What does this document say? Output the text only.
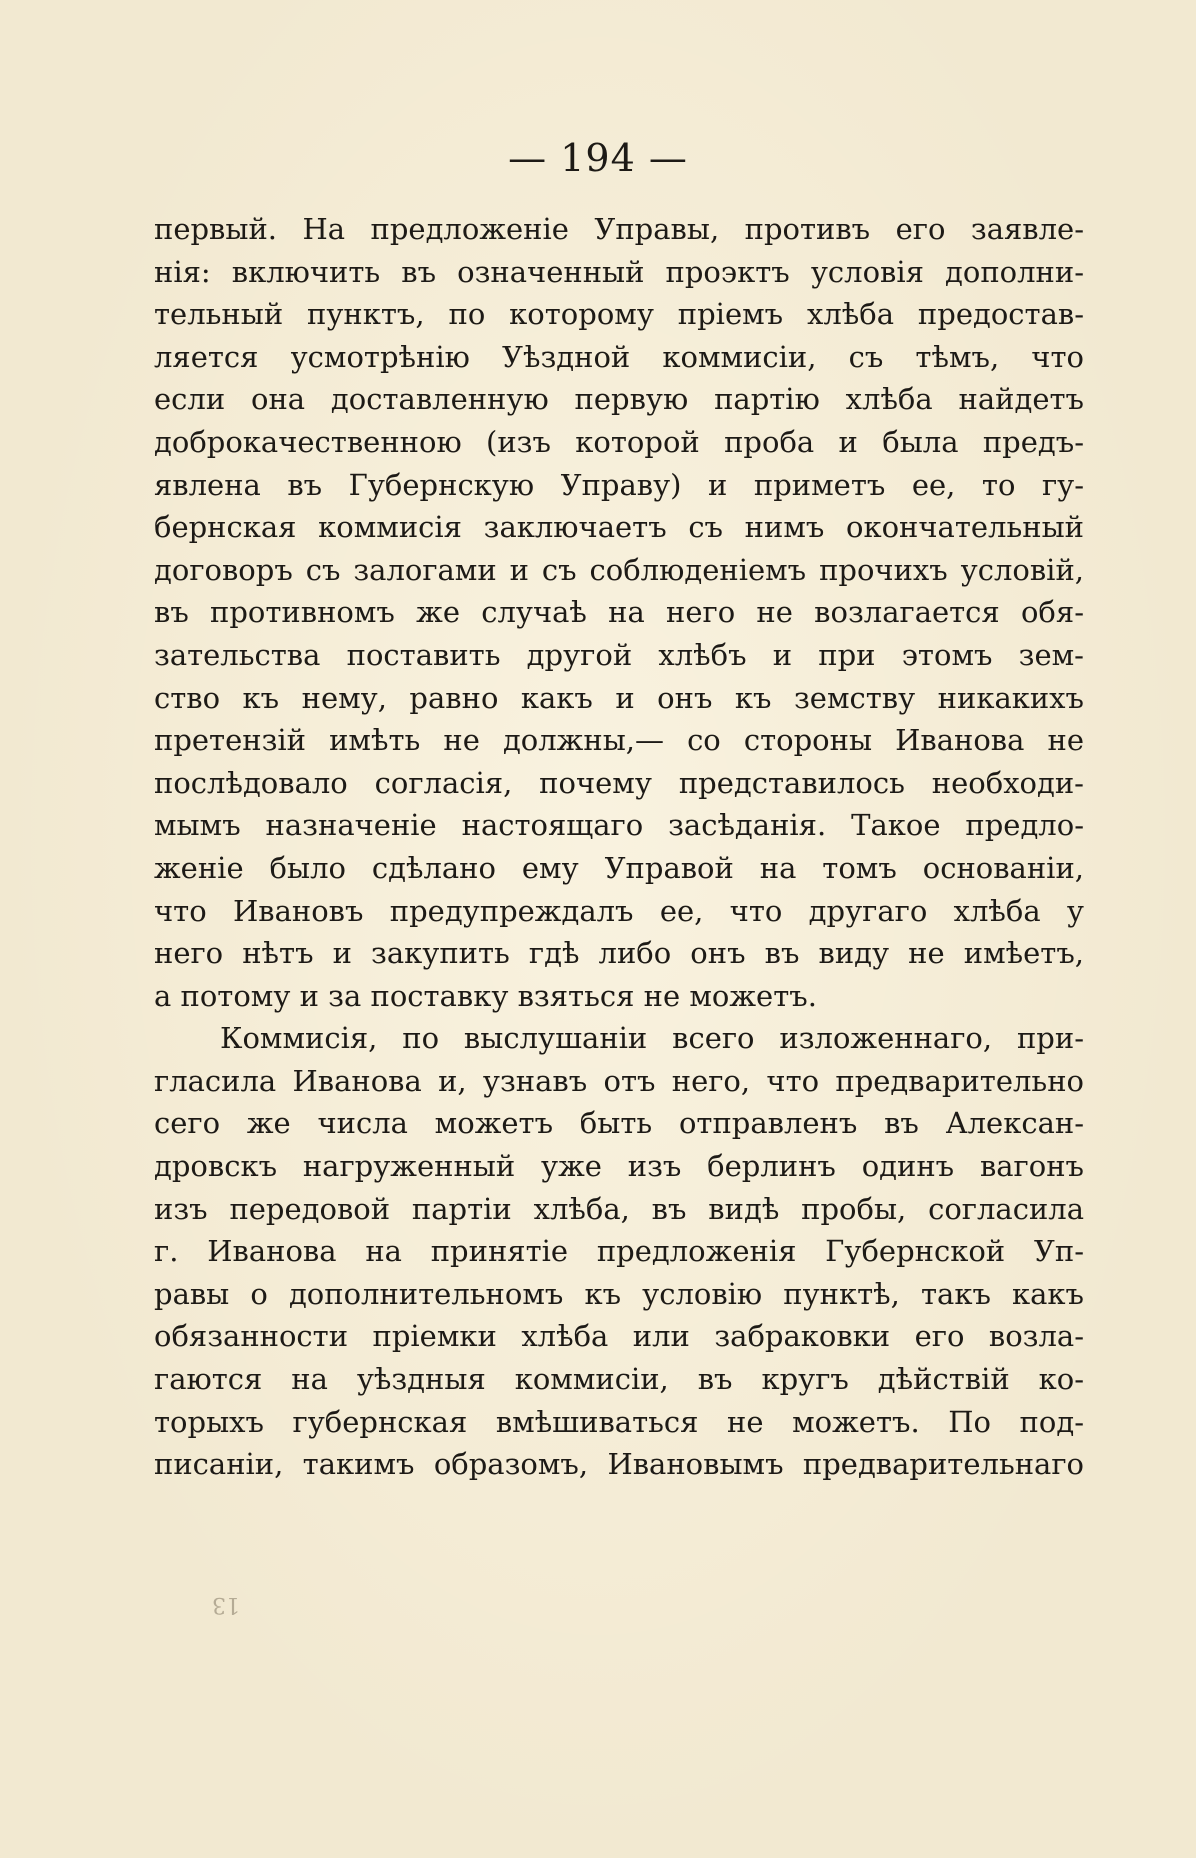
— 194 —
первый. На предложеніе Управы, противъ его заявле-
нія: включить въ означенный проэктъ условія дополни-
тельный пунктъ, по которому пріемъ хлѣба предостав-
ляется усмотрѣнію Уѣздной коммисіи, съ тѣмъ, что
если она доставленную первую партію хлѣба найдетъ
доброкачественною (изъ которой проба и была предъ-
явлена въ Губернскую Управу) и приметъ ее, то гу-
бернская коммисія заключаетъ съ нимъ окончательный
договоръ съ залогами и съ соблюденіемъ прочихъ условій,
въ противномъ же случаѣ на него не возлагается обя-
зательства поставить другой хлѣбъ и при этомъ зем-
ство къ нему, равно какъ и онъ къ земству никакихъ
претензій имѣть не должны,— со стороны Иванова не
послѣдовало согласія, почему представилось необходи-
мымъ назначеніе настоящаго засѣданія. Такое предло-
женіе было сдѣлано ему Управой на томъ основаніи,
что Ивановъ предупреждалъ ее, что другаго хлѣба у
него нѣтъ и закупить гдѣ либо онъ въ виду не имѣетъ,
а потому и за поставку взяться не можетъ.
Коммисія, по выслушаніи всего изложеннаго, при-
гласила Иванова и, узнавъ отъ него, что предварительно
сего же числа можетъ быть отправленъ въ Алексан-
дровскъ нагруженный уже изъ берлинъ одинъ вагонъ
изъ передовой партіи хлѣба, въ видѣ пробы, согласила
г. Иванова на принятіе предложенія Губернской Уп-
равы о дополнительномъ къ условію пунктѣ, такъ какъ
обязанности пріемки хлѣба или забраковки его возла-
гаются на уѣздныя коммисіи, въ кругъ дѣйствій ко-
торыхъ губернская вмѣшиваться не можетъ. По под-
писаніи, такимъ образомъ, Ивановымъ предварительнаго
13
